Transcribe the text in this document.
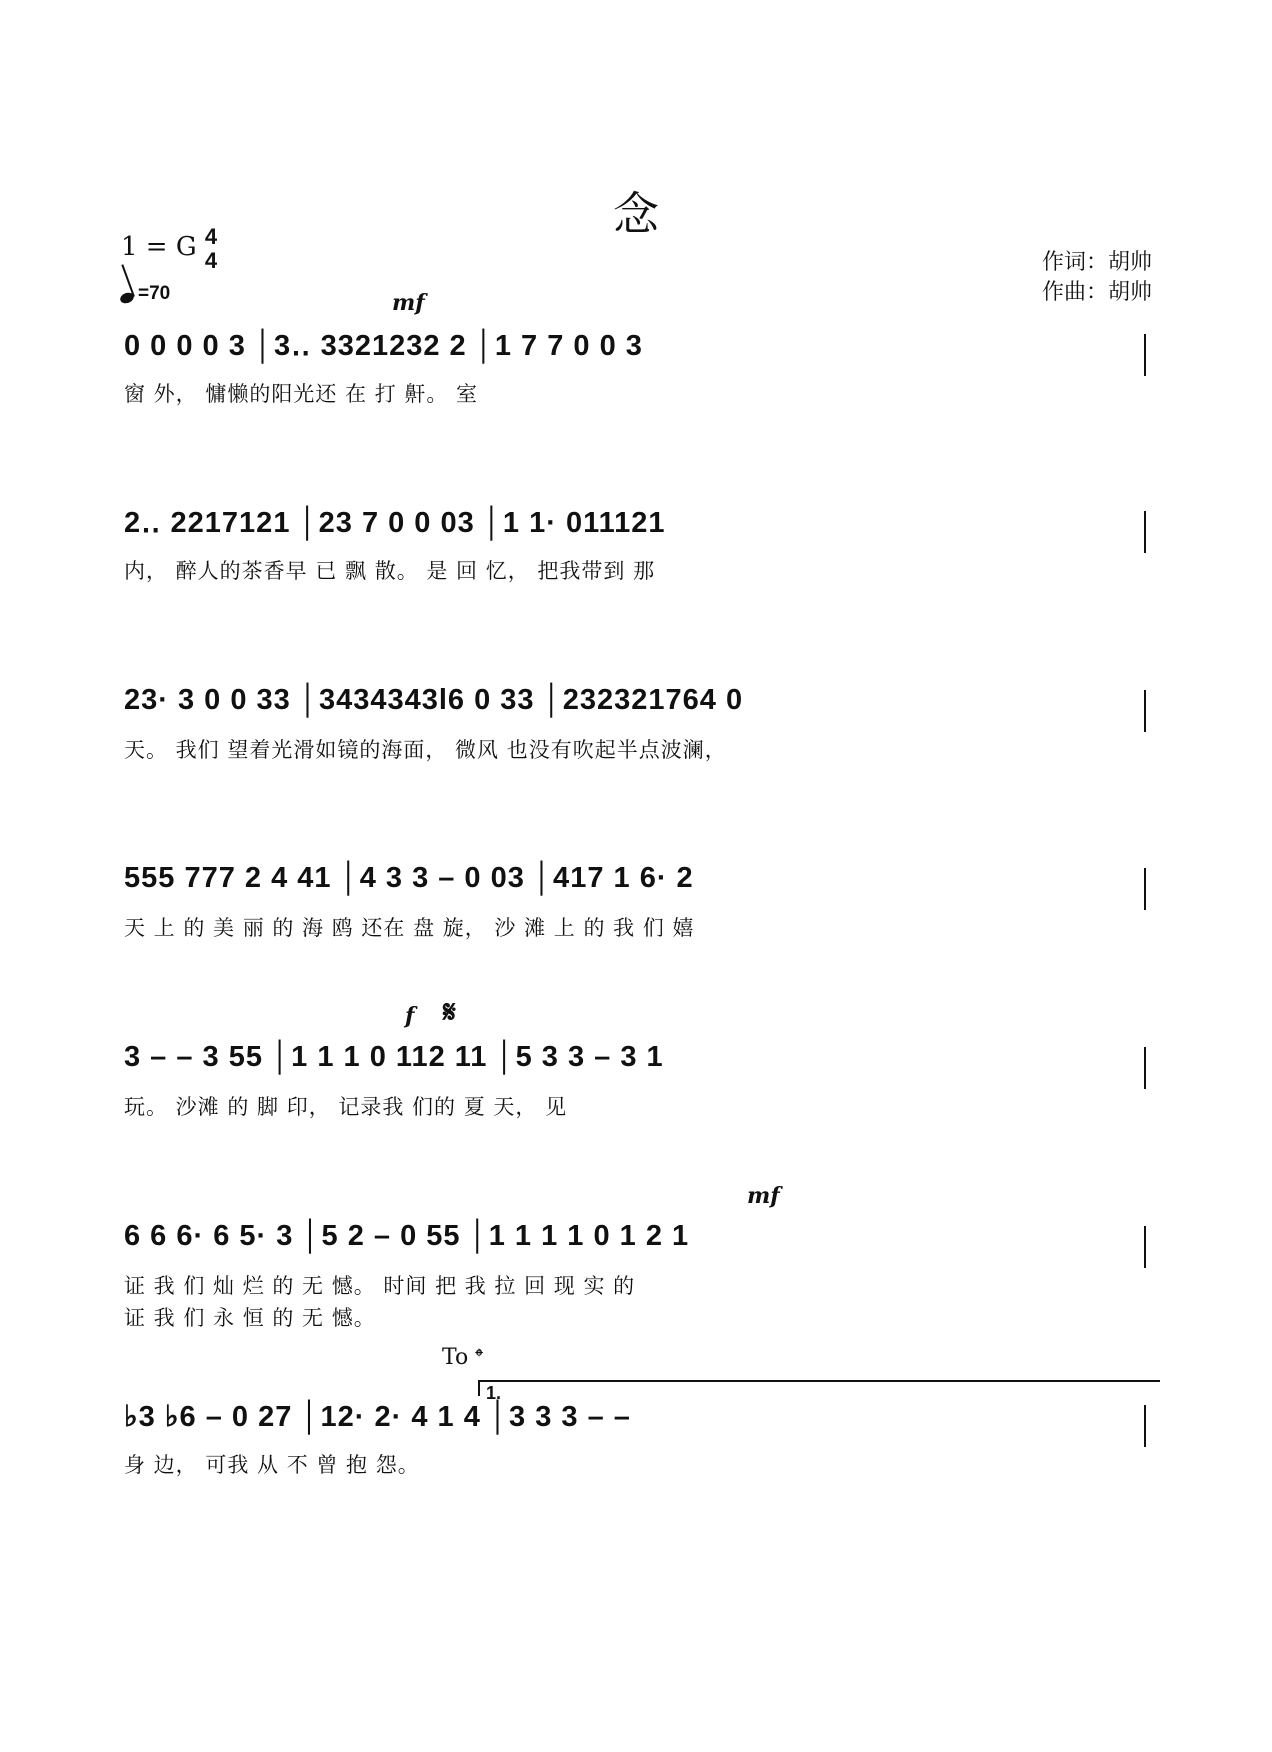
念
1 = G 4
4
=70
作词：胡帅
作曲：胡帅
mf
f 𝄋
mf
To 𝄌
1.
0 0 0 0 3 │3‥ 3321232 2 │1 7 7 0 0 3
窗 外， 慵懒的阳光还 在 打 鼾。 室
2‥ 2217121 │23 7 0 0 03 │1 1· 011121
内， 醉人的茶香早 已 飘 散。 是 回 忆， 把我带到 那
23· 3 0 0 33 │3434343l6 0 33 │232321764 0
天。 我们 望着光滑如镜的海面， 微风 也没有吹起半点波澜，
555 777 2 4 41 │4 3 3 – 0 03 │417 1 6· 2
天 上 的 美 丽 的 海 鸥 还在 盘 旋， 沙 滩 上 的 我 们 嬉
3 – – 3 55 │1 1 1 0 112 11 │5 3 3 – 3 1
玩。 沙滩 的 脚 印， 记录我 们的 夏 天， 见
6 6 6· 6 5· 3 │5 2 – 0 55 │1 1 1 1 0 1 2 1
证 我 们 灿 烂 的 无 憾。 时间 把 我 拉 回 现 实 的
证 我 们 永 恒 的 无 憾。
♭3 ♭6 – 0 27 │12· 2· 4 1 4 │3 3 3 – –
身 边， 可我 从 不 曾 抱 怨。
